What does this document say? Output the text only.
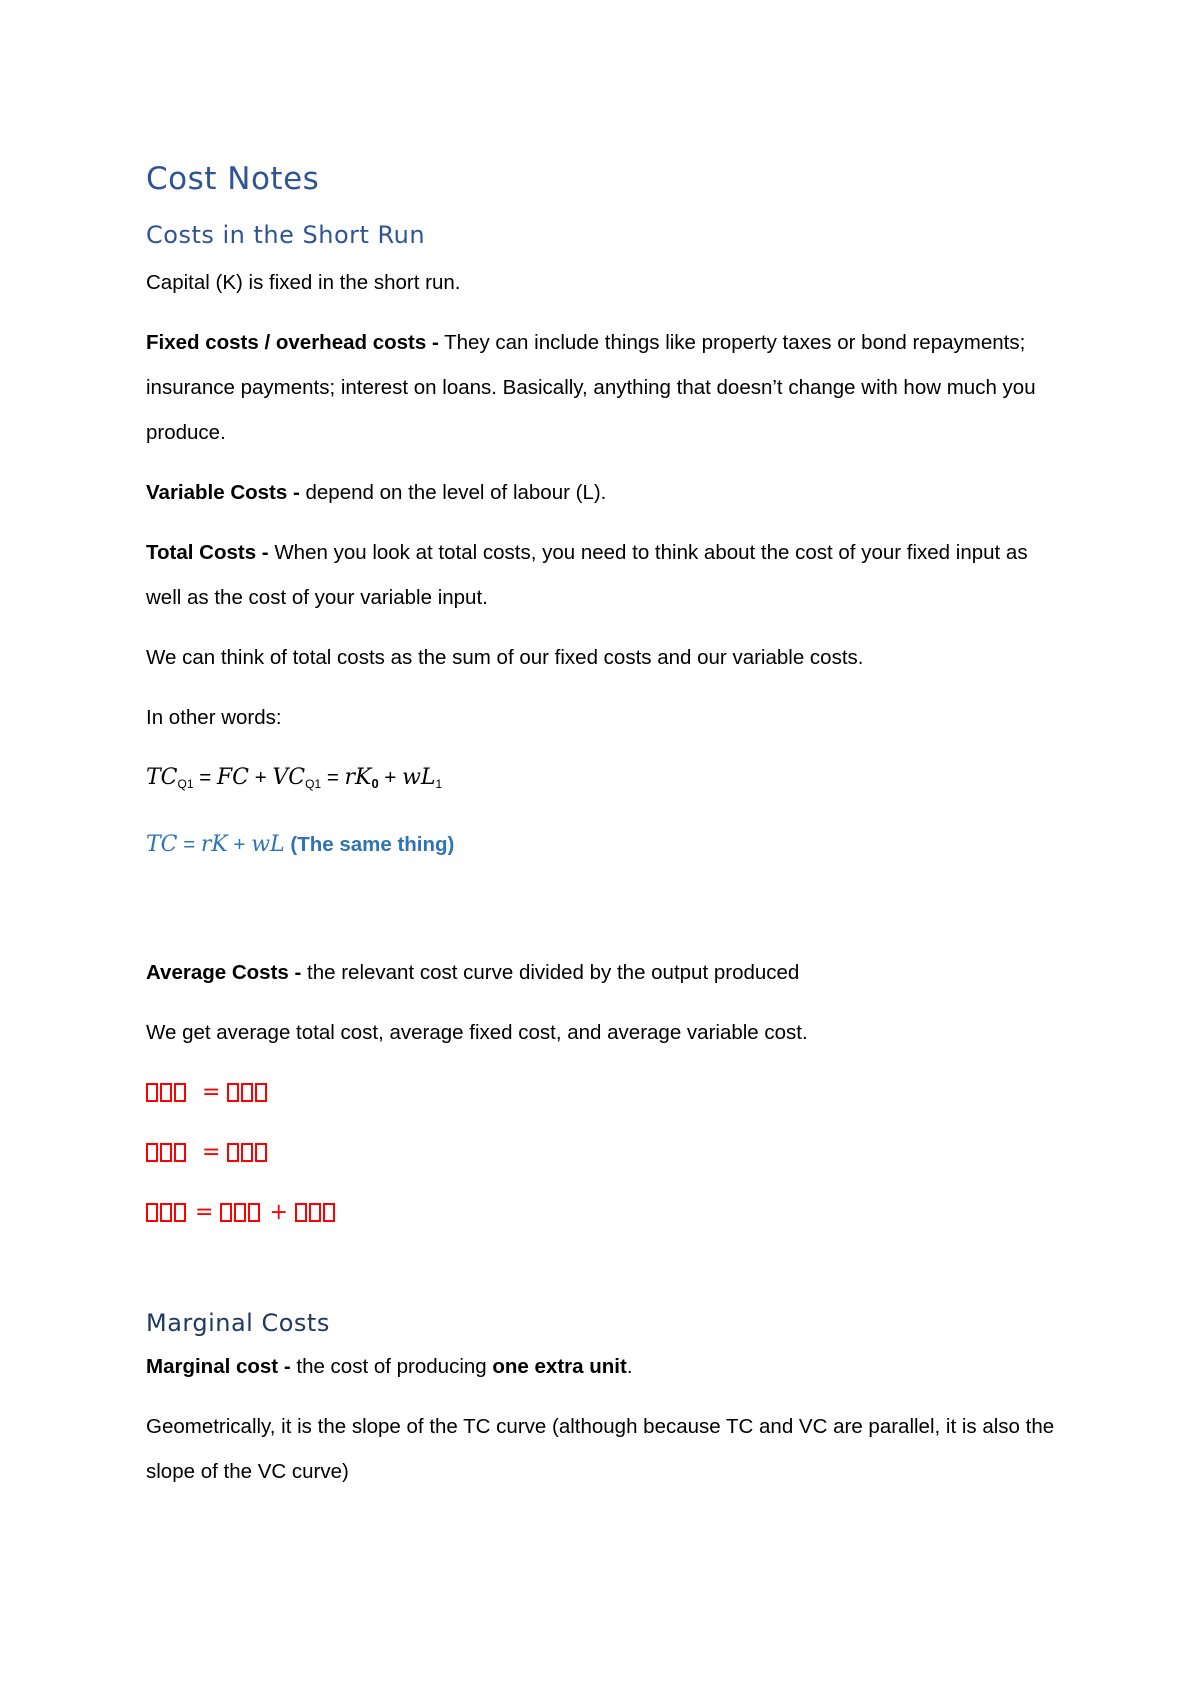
Cost Notes
Costs in the Short Run

Capital (K) is fixed in the short run.

Fixed costs / overhead costs - They can include things like property taxes or bond repayments; insurance payments; interest on loans. Basically, anything that doesn’t change with how much you produce.

Variable Costs - depend on the level of labour (L).

Total Costs - When you look at total costs, you need to think about the cost of your fixed input as well as the cost of your variable input.

We can think of total costs as the sum of our fixed costs and our variable costs.

In other words:

$TC_{Q1}$ = FC + $VC_{Q1} = rK0 + wL_1$

TC = rK + wL (The same thing)

Average Costs - the relevant cost curve divided by the output produced

We get average total cost, average fixed cost, and average variable cost.

=

=

=	+

Marginal Costs

Marginal cost - the cost of producing one extra unit.

Geometrically, it is the slope of the TC curve (although because TC and VC are parallel, it is also the slope of the VC curve)
